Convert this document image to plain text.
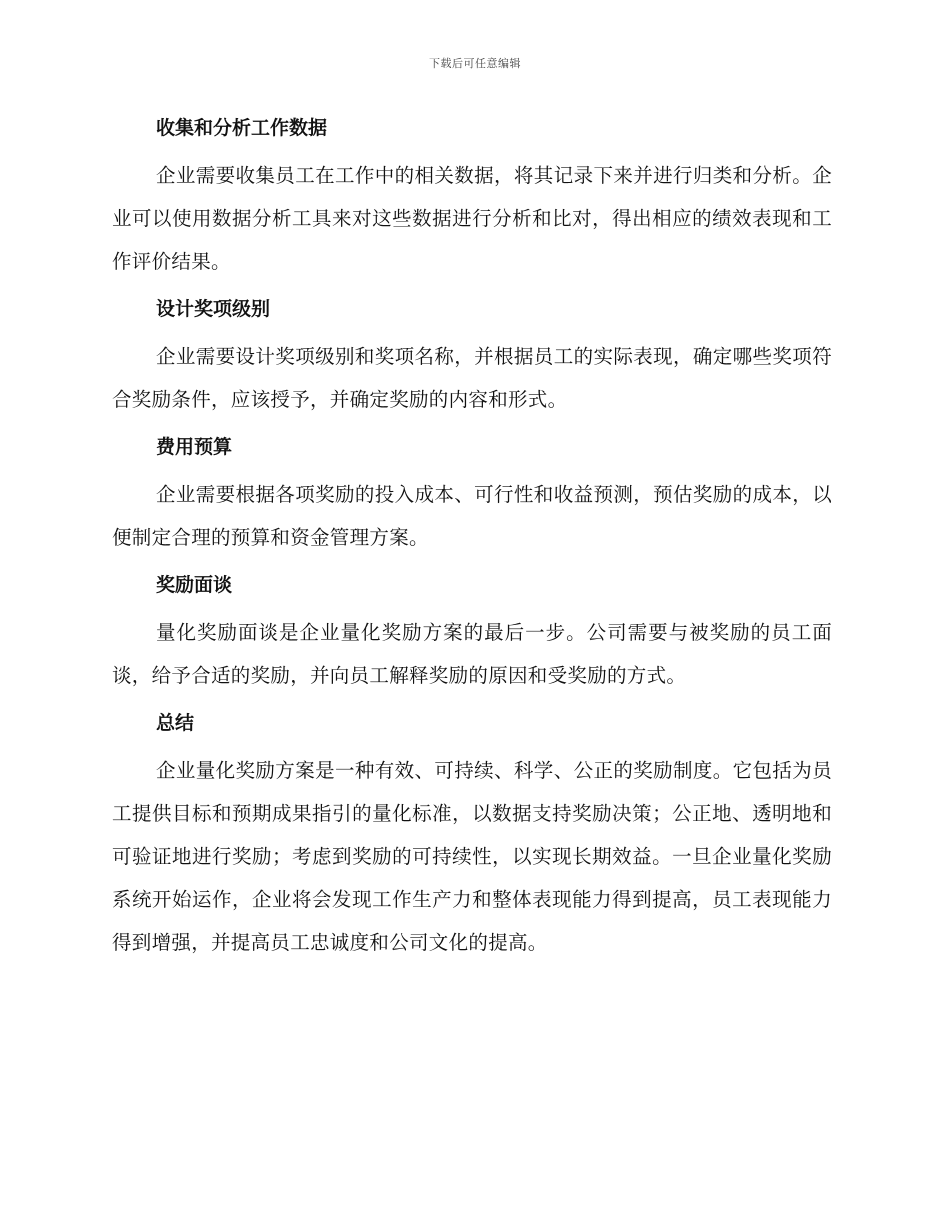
下载后可任意编辑
收集和分析工作数据

企业需要收集员工在工作中的相关数据，将其记录下来并进行归类和分析。企业可以使用数据分析工具来对这些数据进行分析和比对，得出相应的绩效表现和工作评价结果。

设计奖项级别

企业需要设计奖项级别和奖项名称，并根据员工的实际表现，确定哪些奖项符合奖励条件，应该授予，并确定奖励的内容和形式。

费用预算

企业需要根据各项奖励的投入成本、可行性和收益预测，预估奖励的成本，以便制定合理的预算和资金管理方案。

奖励面谈

量化奖励面谈是企业量化奖励方案的最后一步。公司需要与被奖励的员工面谈，给予合适的奖励，并向员工解释奖励的原因和受奖励的方式。

总结

企业量化奖励方案是一种有效、可持续、科学、公正的奖励制度。它包括为员工提供目标和预期成果指引的量化标准，以数据支持奖励决策；公正地、透明地和可验证地进行奖励；考虑到奖励的可持续性，以实现长期效益。一旦企业量化奖励系统开始运作，企业将会发现工作生产力和整体表现能力得到提高，员工表现能力得到增强，并提高员工忠诚度和公司文化的提高。
